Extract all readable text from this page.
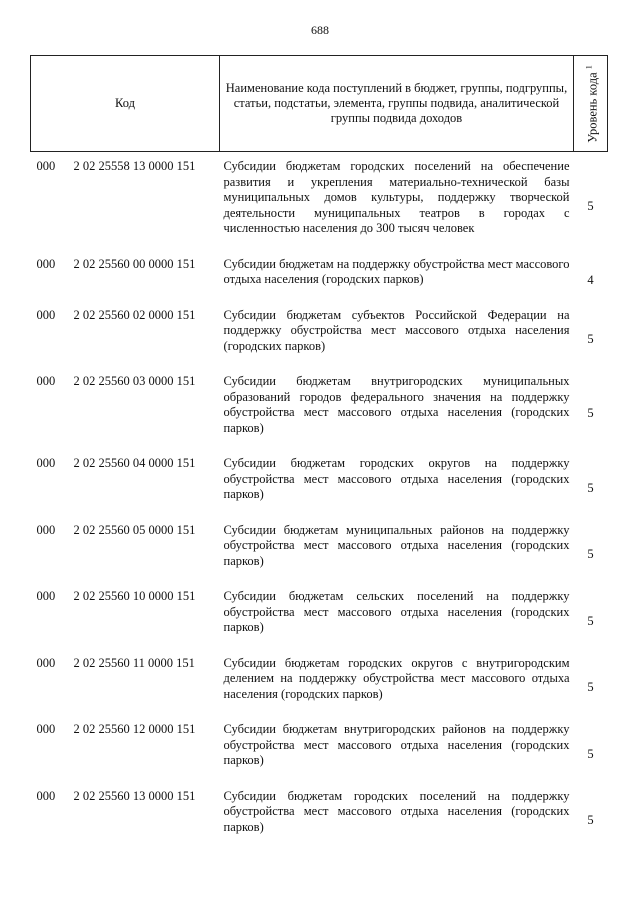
688
Код	Наименование кода поступлений в бюджет, группы, подгруппы, статьи, подстатьи, элемента, группы подвида, аналитической группы подвида доходов	Уровень кода $^1$

000 2 02 25558 13 0000 151	Субсидии бюджетам городских поселений на обеспечение развития и укрепления материально-технической базы муниципальных домов культуры, поддержку творческой деятельности муниципальных театров в городах с численностью населения до 300 тысяч человек	5
000 2 02 25560 00 0000 151	Субсидии бюджетам на поддержку обустройства мест массового отдыха населения (городских парков)	4
000 2 02 25560 02 0000 151	Субсидии бюджетам субъектов Российской Федерации на поддержку обустройства мест массового отдыха населения (городских парков)	5
000 2 02 25560 03 0000 151	Субсидии бюджетам внутригородских муниципальных образований городов федерального значения на поддержку обустройства мест массового отдыха населения (городских парков)	5
000 2 02 25560 04 0000 151	Субсидии бюджетам городских округов на поддержку обустройства мест массового отдыха населения (городских парков)	5
000 2 02 25560 05 0000 151	Субсидии бюджетам муниципальных районов на поддержку обустройства мест массового отдыха населения (городских парков)	5
000 2 02 25560 10 0000 151	Субсидии бюджетам сельских поселений на поддержку обустройства мест массового отдыха населения (городских парков)	5
000 2 02 25560 11 0000 151	Субсидии бюджетам городских округов с внутригородским делением на поддержку обустройства мест массового отдыха населения (городских парков)	5
000 2 02 25560 12 0000 151	Субсидии бюджетам внутригородских районов на поддержку обустройства мест массового отдыха населения (городских парков)	5
000 2 02 25560 13 0000 151	Субсидии бюджетам городских поселений на поддержку обустройства мест массового отдыха населения (городских парков)	5
